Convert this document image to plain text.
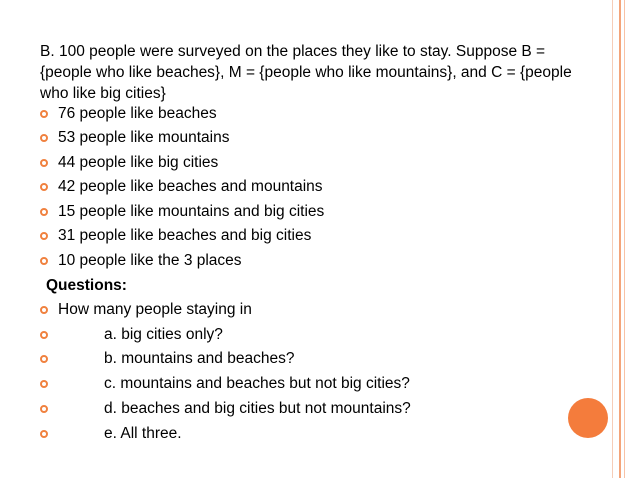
B. 100 people were surveyed on the places they like to stay. Suppose B = {people who like beaches}, M = {people who like mountains}, and C = {people who like big cities}
76 people like beaches
53 people like mountains
44 people like big cities
42 people like beaches and mountains
15 people like mountains and big cities
31 people like beaches and big cities
10 people like the 3 places
Questions:
How many people staying in
a. big cities only?
b. mountains and beaches?
c. mountains and beaches but not big cities?
d. beaches and big cities but not mountains?
e. All three.
